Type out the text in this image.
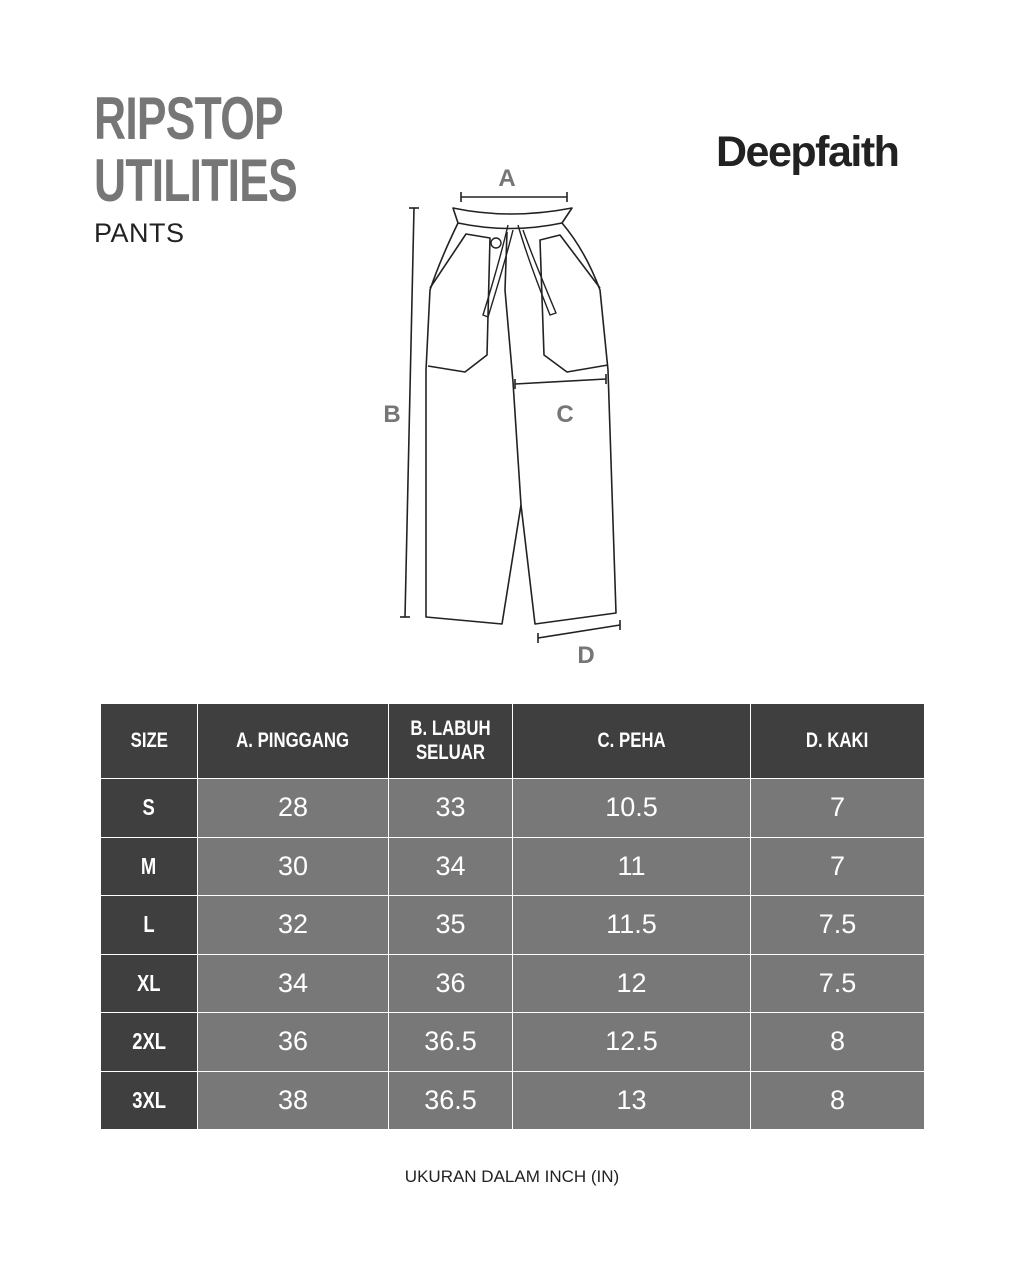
RIPSTOP
UTILITIES
PANTS
Deepfaith
A
B	C
D
SIZE	A. PINGGANG	B. LABUH SELUAR	C. PEHA	D. KAKI
S	28	33	10.5	7
M	30	34	11	7
L	32	35	11.5	7.5
XL	34	36	12	7.5
2XL	36	36.5	12.5	8
3XL	38	36.5	13	8
UKURAN DALAM INCH (IN)
